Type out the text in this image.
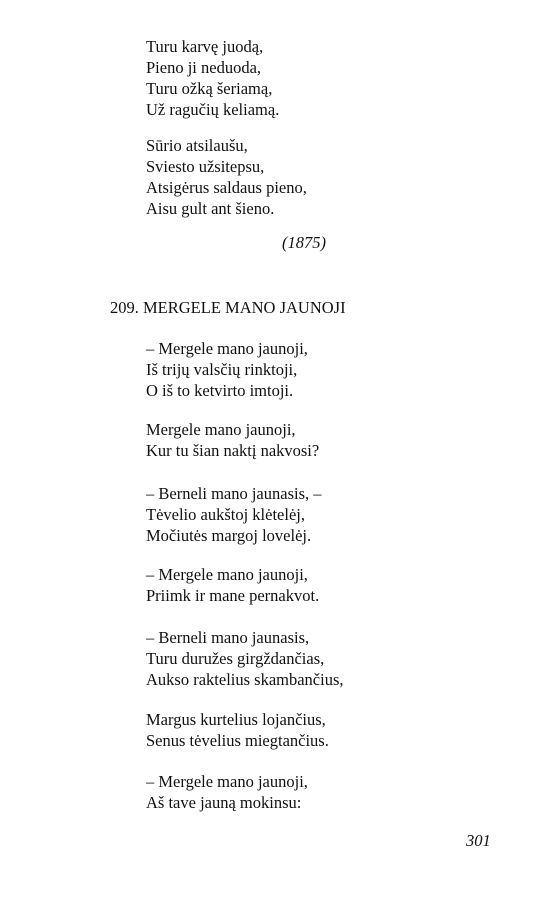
Turu karvę juodą,
Pieno ji neduoda,
Turu ožką šeriamą,
Už ragučių keliamą.
Sūrio atsilaušu,
Sviesto užsitepsu,
Atsigėrus saldaus pieno,
Aisu gult ant šieno.
(1875)
209. MERGELE MANO JAUNOJI
– Mergele mano jaunoji,
Iš trijų valsčių rinktoji,
O iš to ketvirto imtoji.
Mergele mano jaunoji,
Kur tu šian naktį nakvosi?
– Berneli mano jaunasis, –
Tėvelio aukštoj klėtelėj,
Močiutės margoj lovelėj.
– Mergele mano jaunoji,
Priimk ir mane pernakvot.
– Berneli mano jaunasis,
Turu duružes girgždančias,
Aukso raktelius skambančius,
Margus kurtelius lojančius,
Senus tėvelius miegtančius.
– Mergele mano jaunoji,
Aš tave jauną mokinsu:
301
